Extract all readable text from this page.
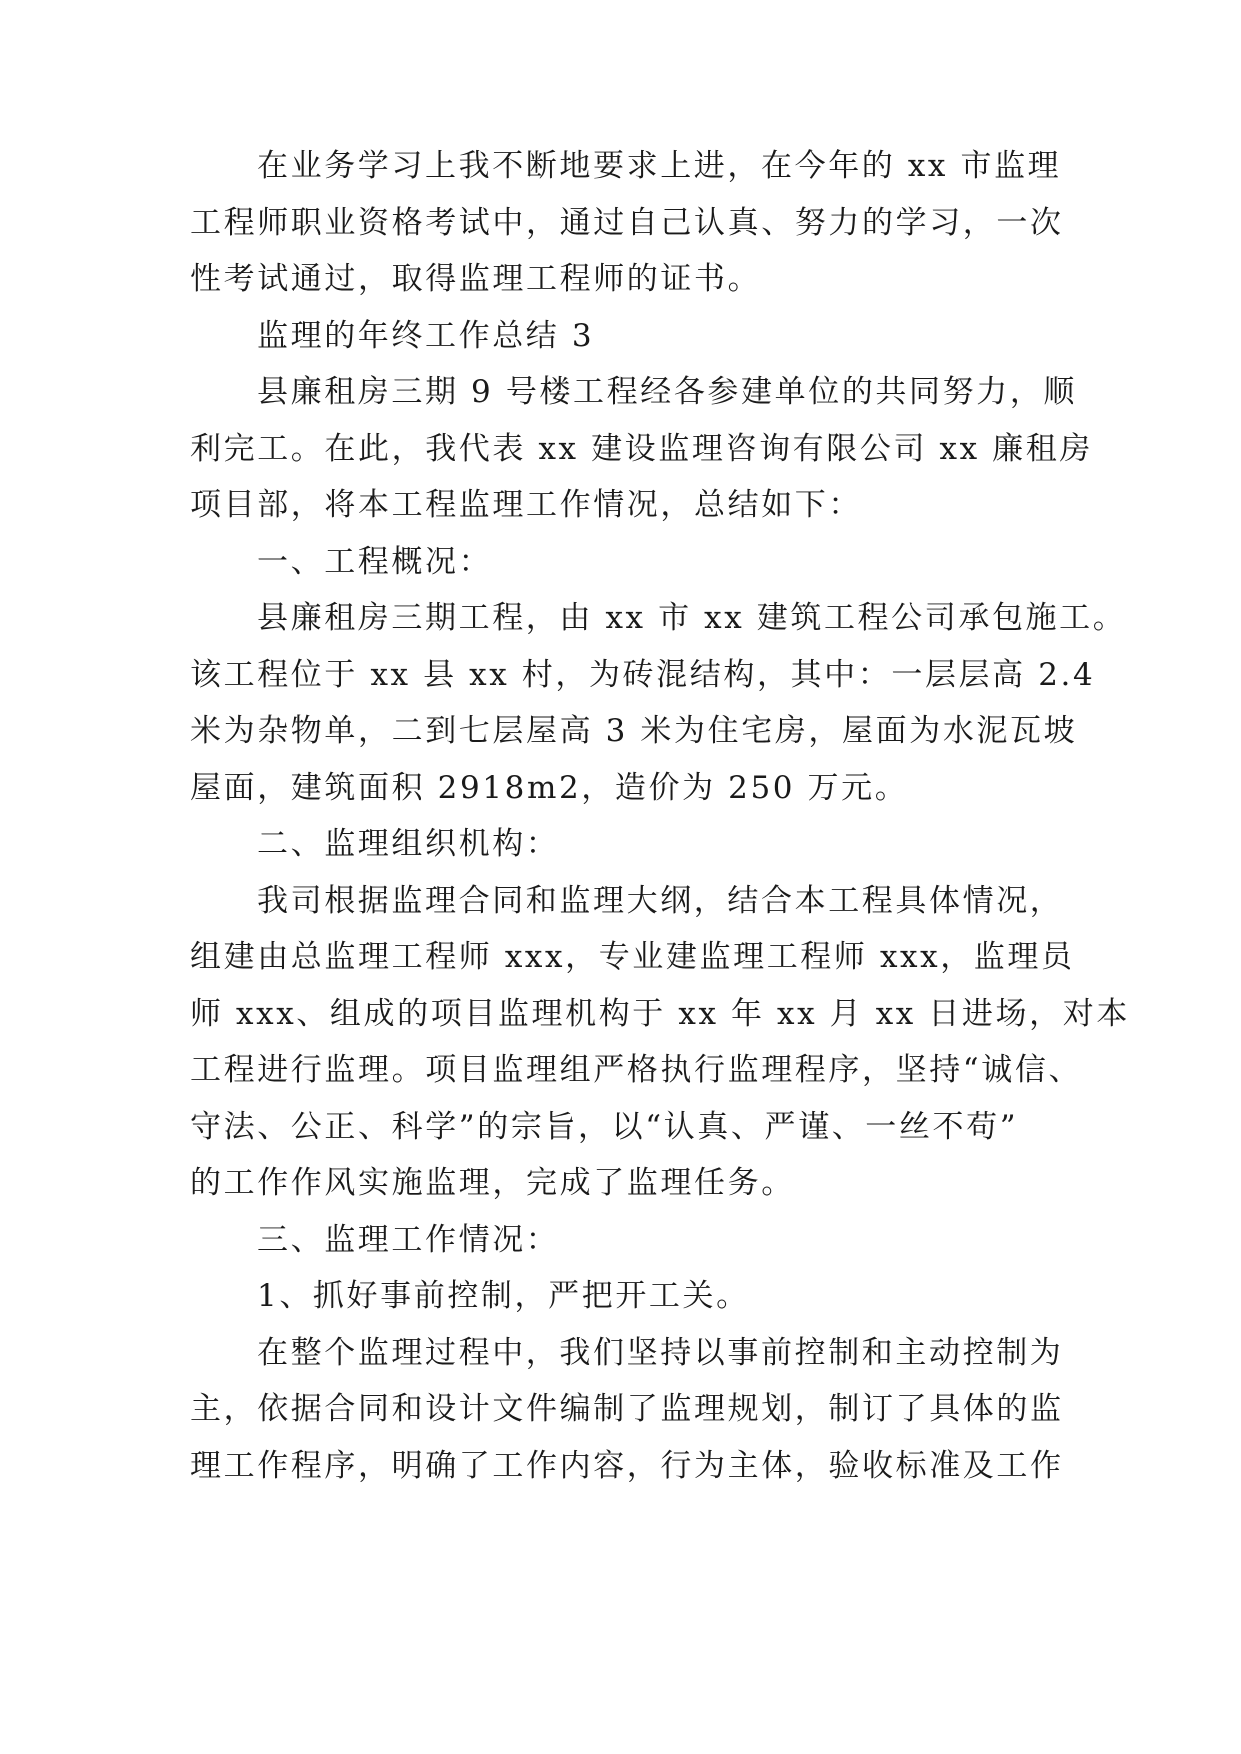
在业务学习上我不断地要求上进，在今年的 xx 市监理
工程师职业资格考试中，通过自己认真、努力的学习，一次
性考试通过，取得监理工程师的证书。
监理的年终工作总结 3
县廉租房三期 9 号楼工程经各参建单位的共同努力，顺
利完工。在此，我代表 xx 建设监理咨询有限公司 xx 廉租房
项目部，将本工程监理工作情况，总结如下：
一、工程概况：
县廉租房三期工程，由 xx 市 xx 建筑工程公司承包施工。
该工程位于 xx 县 xx 村，为砖混结构，其中：一层层高 2.4
米为杂物单，二到七层屋高 3 米为住宅房，屋面为水泥瓦坡
屋面，建筑面积 2918m2，造价为 250 万元。
二、监理组织机构：
我司根据监理合同和监理大纲，结合本工程具体情况，
组建由总监理工程师 xxx，专业建监理工程师 xxx，监理员
师 xxx、组成的项目监理机构于 xx 年 xx 月 xx 日进场，对本
工程进行监理。项目监理组严格执行监理程序，坚持“诚信、
守法、公正、科学”的宗旨，以“认真、严谨、一丝不苟”
的工作作风实施监理，完成了监理任务。
三、监理工作情况：
1、抓好事前控制，严把开工关。
在整个监理过程中，我们坚持以事前控制和主动控制为
主，依据合同和设计文件编制了监理规划，制订了具体的监
理工作程序，明确了工作内容，行为主体，验收标准及工作
